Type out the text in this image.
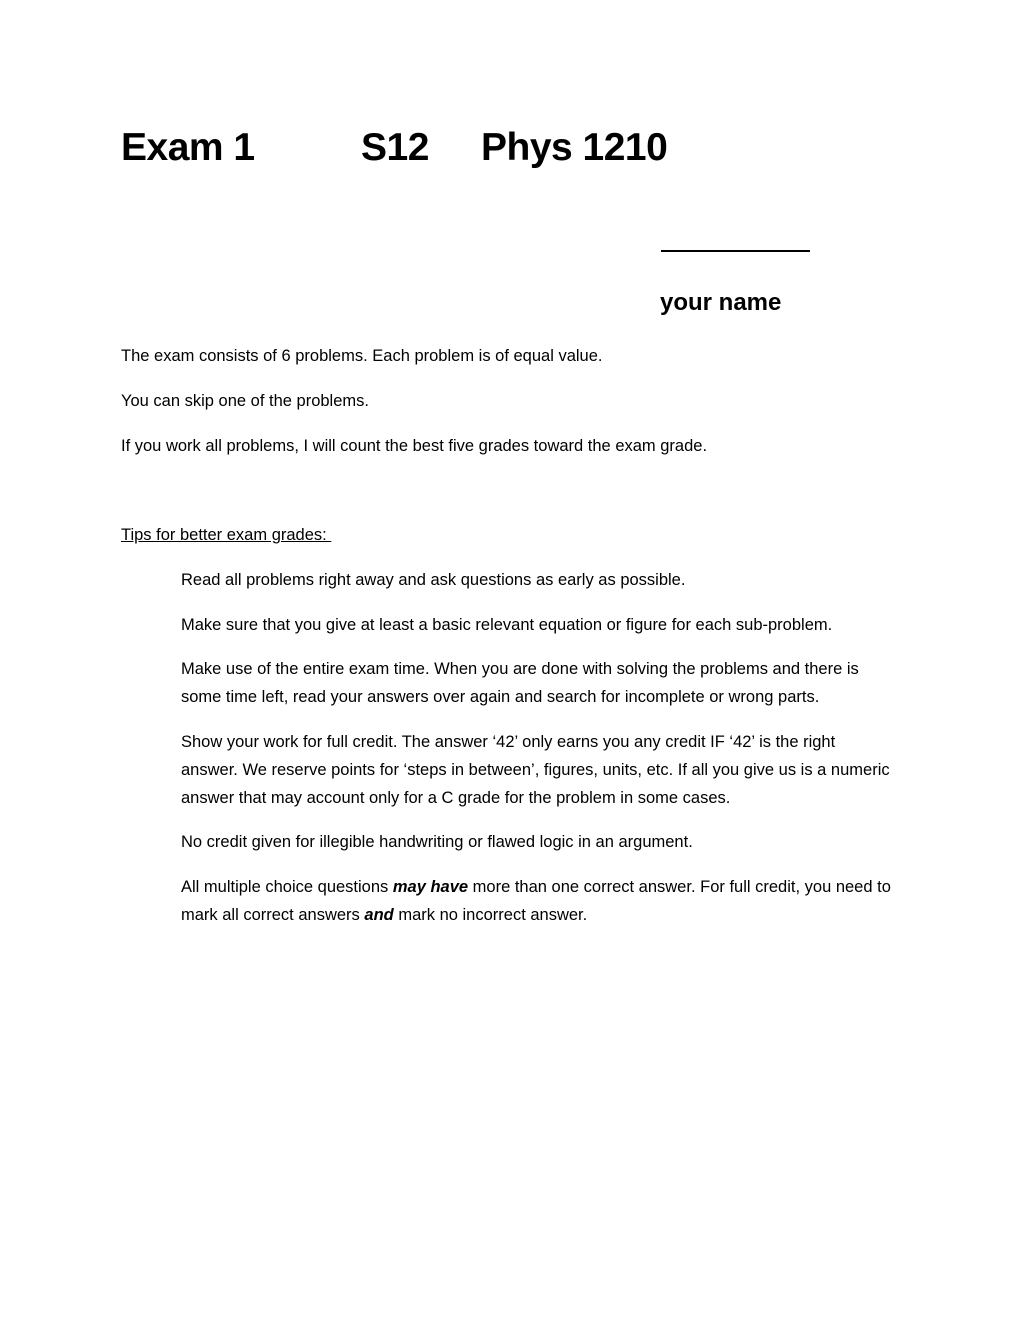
Exam 1	S12 Phys 1210
your name
The exam consists of 6 problems. Each problem is of equal value.
You can skip one of the problems.
If you work all problems, I will count the best five grades toward the exam grade.
Tips for better exam grades:

Read all problems right away and ask questions as early as possible.

Make sure that you give at least a basic relevant equation or figure for each sub-problem.

Make use of the entire exam time. When you are done with solving the problems and there is some time left, read your answers over again and search for incomplete or wrong parts.

Show your work for full credit. The answer ‘42’ only earns you any credit IF ‘42’ is the right answer. We reserve points for ‘steps in between’, figures, units, etc. If all you give us is a numeric answer that may account only for a C grade for the problem in some cases.

No credit given for illegible handwriting or flawed logic in an argument.

All multiple choice questions may have more than one correct answer. For full credit, you need to mark all correct answers and mark no incorrect answer.
